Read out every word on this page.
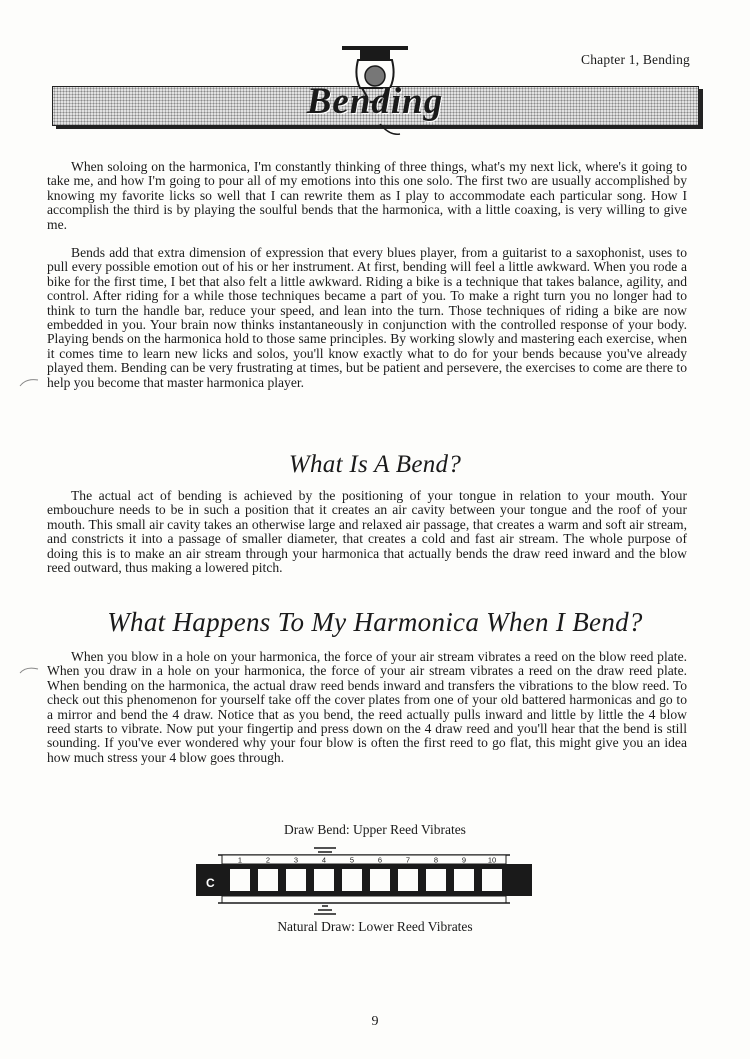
Chapter 1, Bending
Bending

When soloing on the harmonica, I'm constantly thinking of three things, what's my next lick, where's it going to take me, and how I'm going to pour all of my emotions into this one solo. The first two are usually accomplished by knowing my favorite licks so well that I can rewrite them as I play to accommodate each particular song. How I accomplish the third is by playing the soulful bends that the harmonica, with a little coaxing, is very willing to give me.

Bends add that extra dimension of expression that every blues player, from a guitarist to a saxophonist, uses to pull every possible emotion out of his or her instrument. At first, bending will feel a little awkward. When you rode a bike for the first time, I bet that also felt a little awkward. Riding a bike is a technique that takes balance, agility, and control. After riding for a while those techniques became a part of you. To make a right turn you no longer had to think to turn the handle bar, reduce your speed, and lean into the turn. Those techniques of riding a bike are now embedded in you. Your brain now thinks instantaneously in conjunction with the controlled response of your body. Playing bends on the harmonica hold to those same principles. By working slowly and mastering each exercise, when it comes time to learn new licks and solos, you'll know exactly what to do for your bends because you've already played them. Bending can be very frustrating at times, but be patient and persevere, the exercises to come are there to help you become that master harmonica player.

What Is A Bend?

The actual act of bending is achieved by the positioning of your tongue in relation to your mouth. Your embouchure needs to be in such a position that it creates an air cavity between your tongue and the roof of your mouth. This small air cavity takes an otherwise large and relaxed air passage, that creates a warm and soft air stream, and constricts it into a passage of smaller diameter, that creates a cold and fast air stream. The whole purpose of doing this is to make an air stream through your harmonica that actually bends the draw reed inward and the blow reed outward, thus making a lowered pitch.

What Happens To My Harmonica When I Bend?

When you blow in a hole on your harmonica, the force of your air stream vibrates a reed on the blow reed plate. When you draw in a hole on your harmonica, the force of your air stream vibrates a reed on the draw reed plate. When bending on the harmonica, the actual draw reed bends inward and transfers the vibrations to the blow reed. To check out this phenomenon for yourself take off the cover plates from one of your old battered harmonicas and go to a mirror and bend the 4 draw. Notice that as you bend, the reed actually pulls inward and little by little the 4 blow reed starts to vibrate. Now put your fingertip and press down on the 4 draw reed and you'll hear that the bend is still sounding. If you've ever wondered why your four blow is often the first reed to go flat, this might give you an idea how much stress your 4 blow goes through.

Draw Bend: Upper Reed Vibrates
1	2	3	4	5	6	7	8	9	10
C
Natural Draw: Lower Reed Vibrates
9
